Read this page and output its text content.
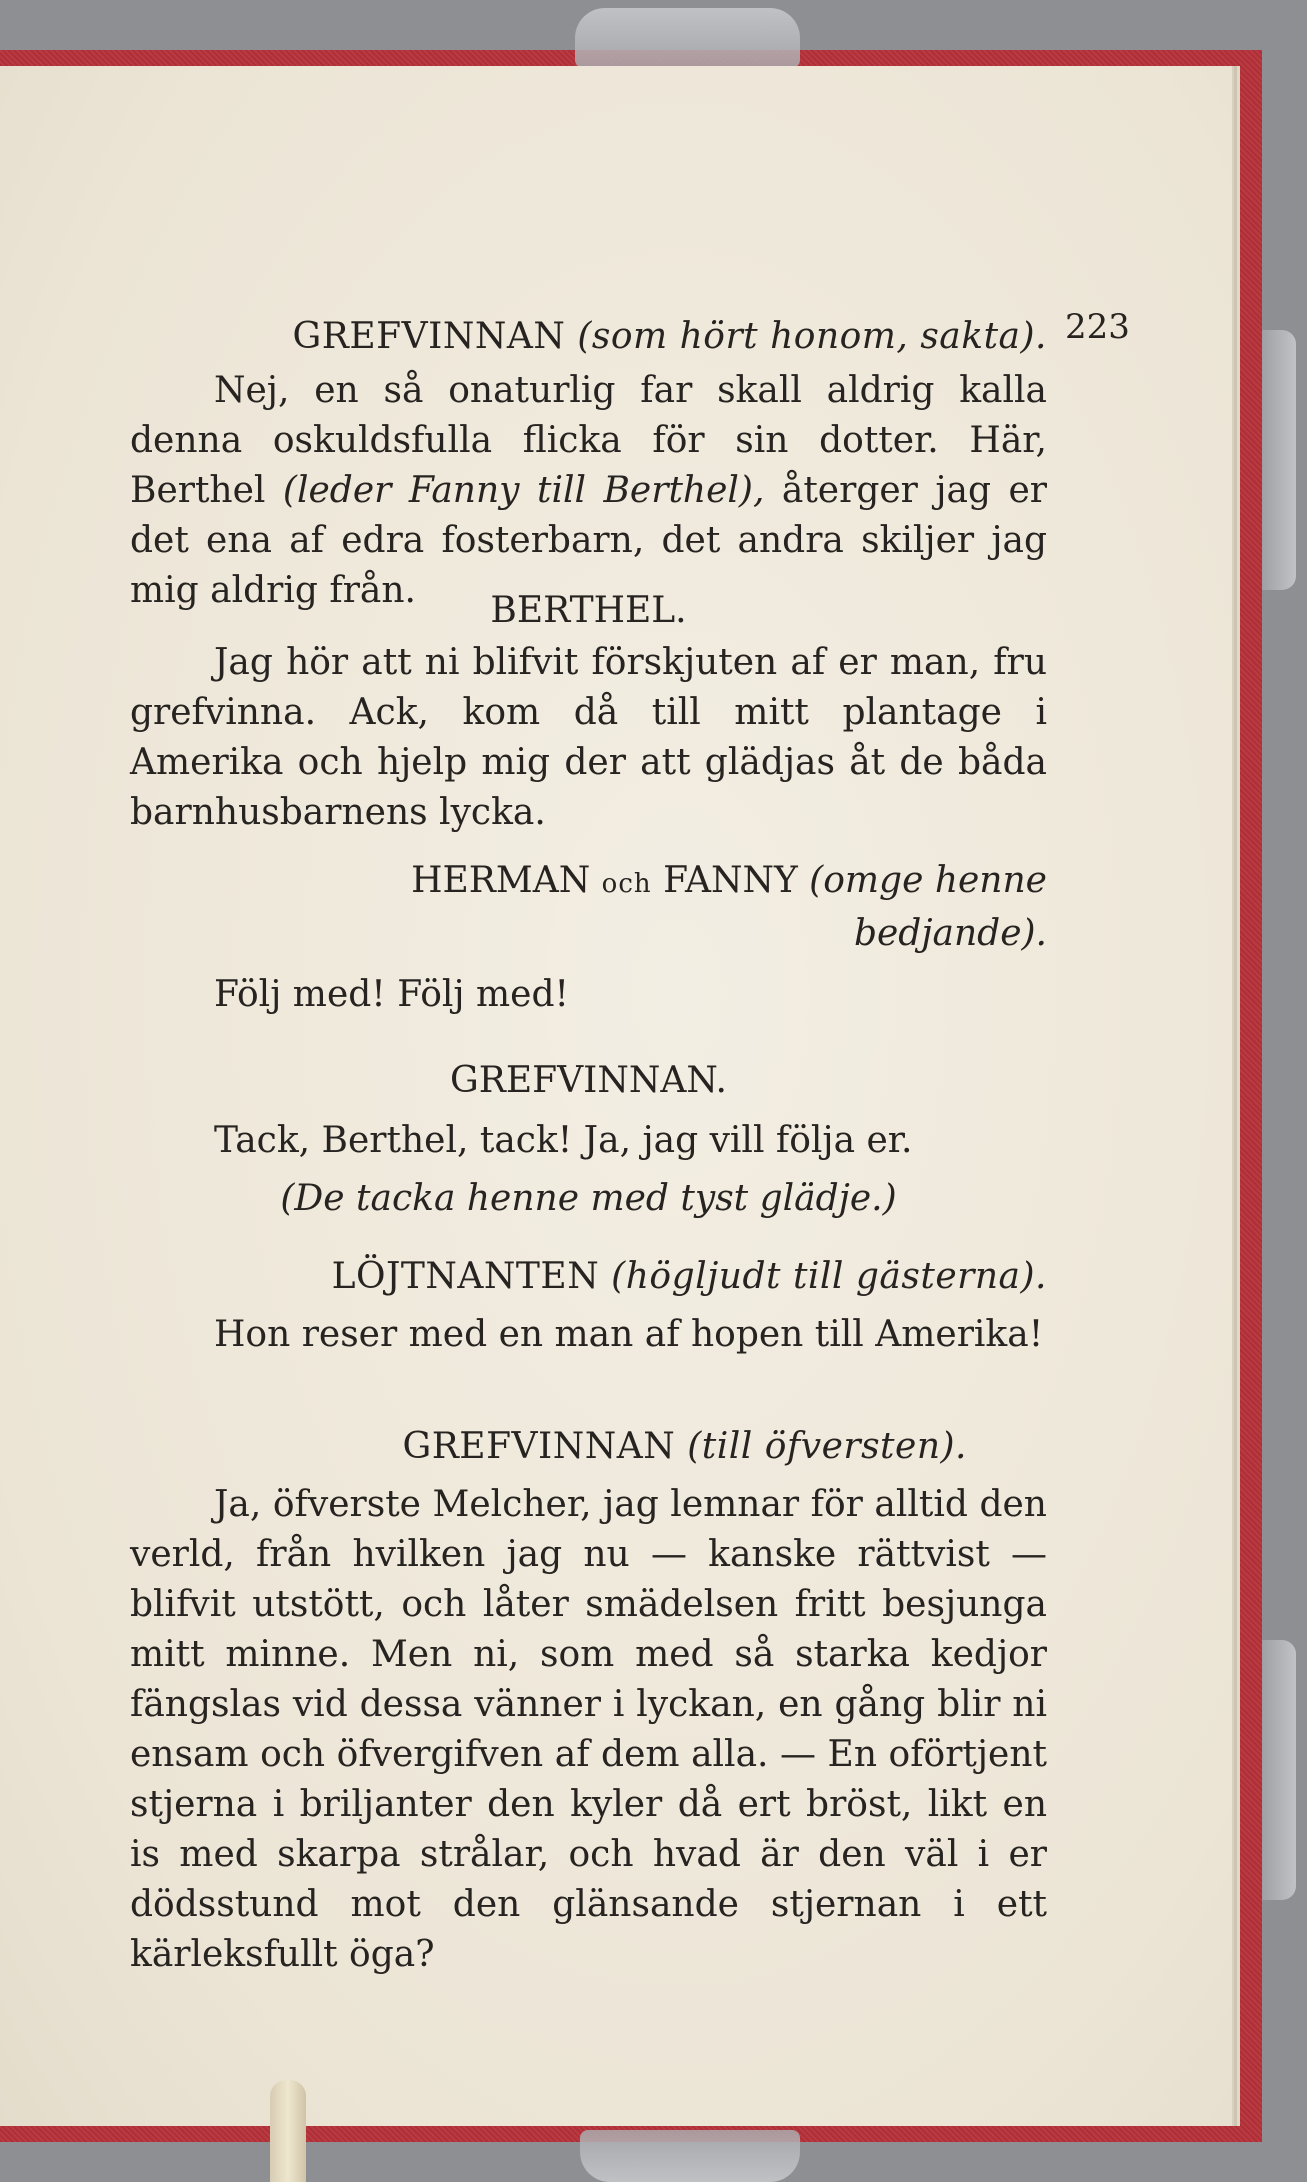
223

GREFVINNAN (som hört honom, sakta).

Nej, en så onaturlig far skall aldrig kalla denna oskuldsfulla flicka för sin dotter. Här, Berthel (leder Fanny till Berthel), återger jag er det ena af edra fosterbarn, det andra skiljer jag mig aldrig från.	BERTHEL.

Jag hör att ni blifvit förskjuten af er man, fru grefvinna. Ack, kom då till mitt plantage i Amerika och hjelp mig der att glädjas åt de båda barnhusbarnens lycka.

HERMAN och FANNY (omge henne bedjande).

Följ med! Följ med!

GREFVINNAN.

Tack, Berthel, tack! Ja, jag vill följa er.

(De tacka henne med tyst glädje.)

LÖJTNANTEN (högljudt till gästerna).

Hon reser med en man af hopen till Amerika!

GREFVINNAN (till öfversten).

Ja, öfverste Melcher, jag lemnar för alltid den verld, från hvilken jag nu — kanske rättvist — blifvit utstött, och låter smädelsen fritt besjunga mitt minne. Men ni, som med så starka kedjor fängslas vid dessa vänner i lyckan, en gång blir ni ensam och öfvergifven af dem alla. — En oförtjent stjerna i briljanter den kyler då ert bröst, likt en is med skarpa strålar, och hvad är den väl i er dödsstund mot den glänsande stjernan i ett kärleksfullt öga?
